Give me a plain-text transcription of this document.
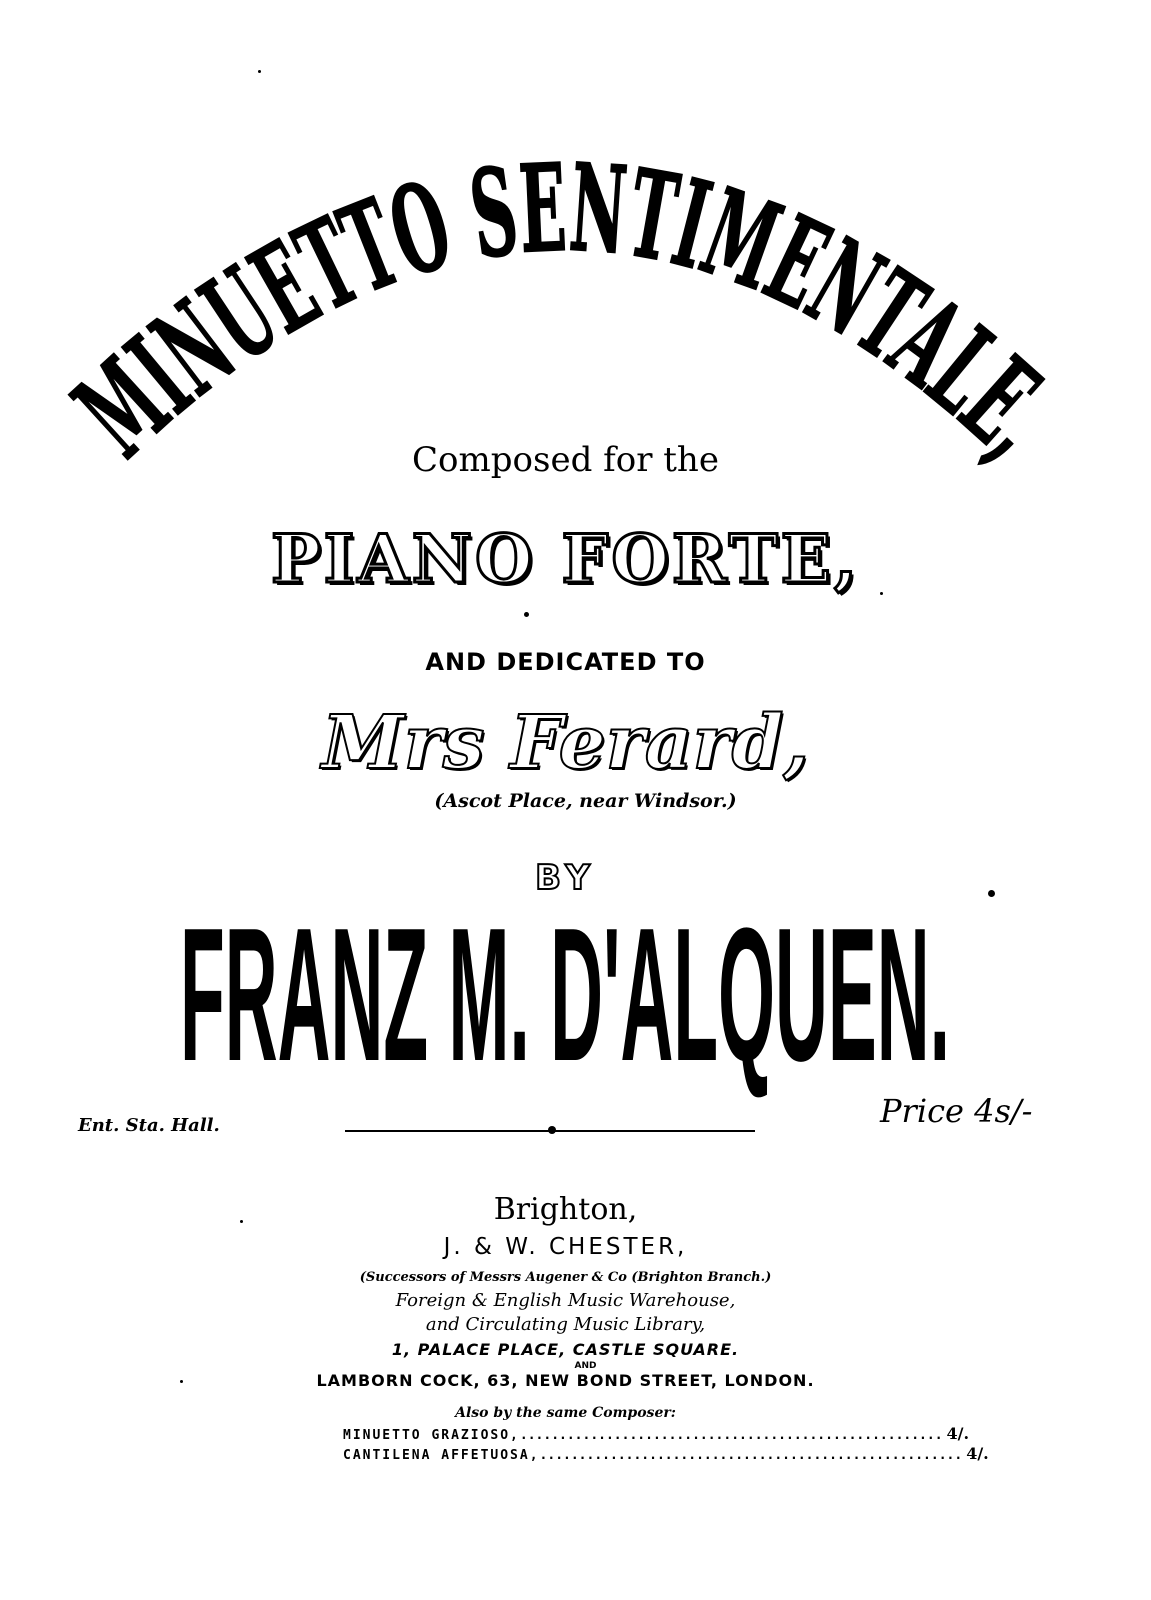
MINUETTO SENTIMENTALE,
Composed for the
PIANO FORTE,
AND DEDICATED TO
Mrs Ferard,
(Ascot Place, near Windsor.)
BY
FRANZ M. D'ALQUEN.
Ent. Sta. Hall.	Price 4s/-
Brighton,
J. & W. CHESTER,
(Successors of Messrs Augener & Co (Brighton Branch.)
Foreign & English Music Warehouse,
and Circulating Music Library,
1, PALACE PLACE, CASTLE SQUARE.
AND
LAMBORN COCK, 63, NEW BOND STREET, LONDON.
Also by the same Composer:
MINUETTO GRAZIOSO, ...................................................... 4/.
CANTILENA AFFETUOSA, ...................................................... 4/.
